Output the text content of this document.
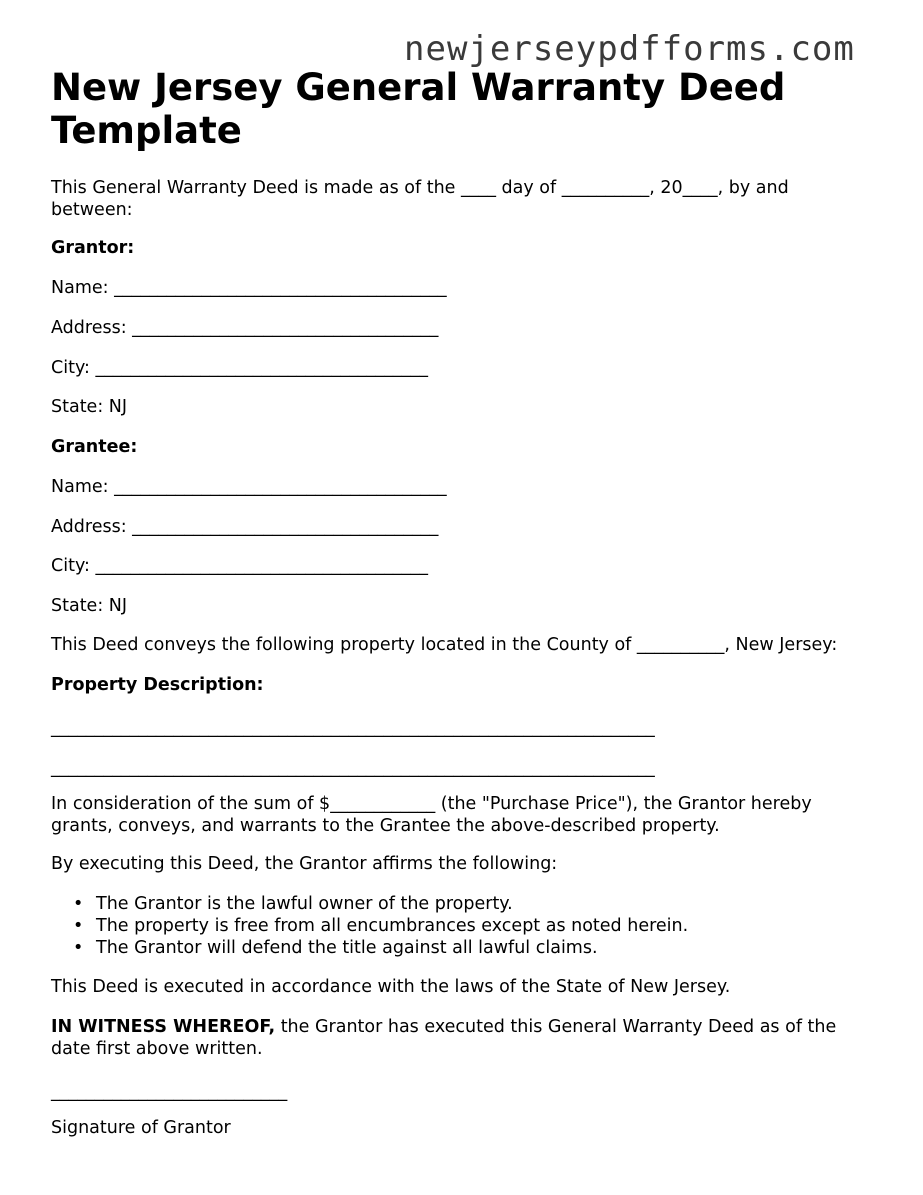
newjerseypdfforms.com
New Jersey General Warranty Deed Template

This General Warranty Deed is made as of the ____ day of __________, 20____, by and between:

Grantor:

Name: ______________________________________

Address: ___________________________________

City: ______________________________________

State: NJ

Grantee:

Name: ______________________________________

Address: ___________________________________

City: ______________________________________

State: NJ

This Deed conveys the following property located in the County of __________, New Jersey:

Property Description:

_____________________________________________________________________

_____________________________________________________________________

In consideration of the sum of $____________ (the "Purchase Price"), the Grantor hereby grants, conveys, and warrants to the Grantee the above-described property.

By executing this Deed, the Grantor affirms the following:

• The Grantor is the lawful owner of the property.
• The property is free from all encumbrances except as noted herein.
• The Grantor will defend the title against all lawful claims.

This Deed is executed in accordance with the laws of the State of New Jersey.

IN WITNESS WHEREOF, the Grantor has executed this General Warranty Deed as of the date first above written.

___________________________

Signature of Grantor
